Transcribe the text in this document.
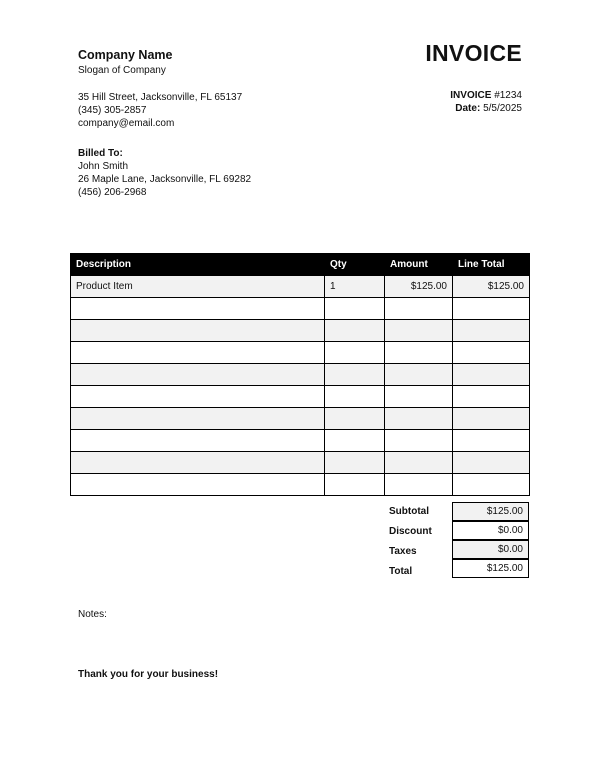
Company Name
Slogan of Company
35 Hill Street, Jacksonville, FL 65137
(345) 305-2857
company@email.com
INVOICE
INVOICE #1234
Date: 5/5/2025
Billed To:
John Smith
26 Maple Lane, Jacksonville, FL 69282
(456) 206-2968
Description	Qty	Amount	Line Total
Product Item	1	$125.00	$125.00

Subtotal	$125.00
Discount	$0.00
Taxes	$0.00
Total	$125.00
Notes:
Thank you for your business!
